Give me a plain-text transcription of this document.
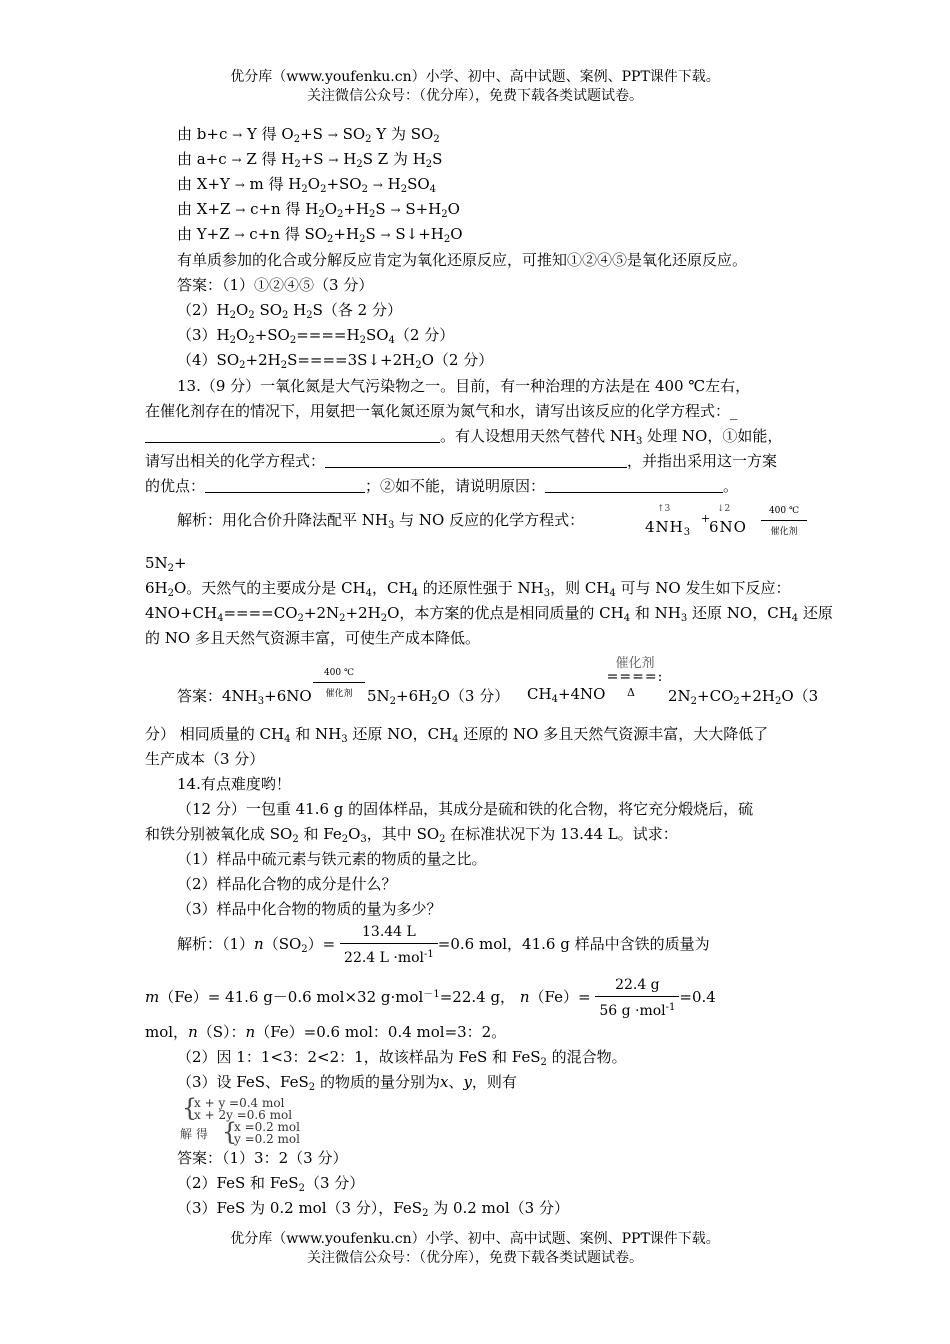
优分库（www.youfenku.cn）小学、初中、高中试题、案例、PPT课件下载。
关注微信公众号：（优分库），免费下载各类试题试卷。
由 b+c → Y 得 $O_2+S \to SO_2$ Y 为 $SO_2$
由 a+c → Z 得 $H_2+S \to H_2S$ Z 为 $H_2S$
由 X+Y → m 得 $H_2O_2+SO_2 \to H_2SO_4$
由 X+Z → c+n 得 $H_2O_2+H_2S \to S+H_2O$
由 Y+Z → c+n 得 $SO_2+H_2S$ → $S↓+H_2O$
有单质参加的化合或分解反应肯定为氧化还原反应，可推知①②④⑤是氧化还原反应。
答案：（1）①②④⑤（3 分）
$(2)H_2O_2$ $SO_2$ $H_2S$（各 2 分）
$(3)H_2O_2+SO_2====H_2SO_4(2$ 分）
$(4)SO_2+2H_2S====3S↓+2H_2O(2$ 分）
13.（9 分）一氧化氮是大气污染物之一。目前，有一种治理的方法是在 400 ℃左右，
在催化剂存在的情况下，用氨把一氧化氮还原为氮气和水，请写出该反应的化学方程式：_
。有人设想用天然气替代 $NH_3$ 处理 NO，①如能，
请写出相关的化学方程式：	，并指出采用这一方案
的优点：	；②如不能，请说明原因：	。
解析：用化合价升降法配平 $NH_3$ 与 NO 反应的化学方程式：
↑3	↓2
$4NH_3$
+
6NO
400 ℃
催化剂
$5N_2+$
$6H_2O$。天然气的主要成分是 $CH_4$，$CH_4$ 的还原性强于 $NH_3$，则 $CH_4$ 可与 NO 发生如下反应：
$4NO+CH_4====CO_2+2N_2+2H_2O$，本方案的优点是相同质量的 $CH_4$ 和 $NH_3$ 还原 NO，$CH_4$ 还原
的 NO 多且天然气资源丰富，可使生产成本降低。
答案：$4NH_3+6NO$
400 ℃
催化剂 $5N_2+6H_2O(3$ 分） $CH_4+4NO$
催化剂
====:
Δ	$2N_2+CO_2+2H_2O(3$
分） 相同质量的 $CH_4$ 和 $NH_3$ 还原 NO，$CH_4$ 还原的 NO 多且天然气资源丰富，大大降低了
生产成本（3 分）
14.有点难度哟！
（12 分）一包重 41.6 g 的固体样品，其成分是硫和铁的化合物，将它充分煅烧后，硫
和铁分别被氧化成 $SO_2$ 和 $Fe_2O_3$，其中 $SO_2$ 在标准状况下为 13.44 L。试求：
（1）样品中硫元素与铁元素的物质的量之比。
（2）样品化合物的成分是什么？
（3）样品中化合物的物质的量为多少？
解析：$(1)n(SO_2)= \frac{13.44 L}{22.4 L \cdot mol^{-1}} =0.6$ mol，41.6 g 样品中含铁的质量为
m（Fe）= 41.6 g－0.6 mol×32 g·mol$^{-1}$=22.4 g， $n(Fe)= \frac{22.4 g}{56 g \cdot mol^{-1}} =0.4$
mol，n（S）：n（Fe）=0.6 mol：0.4 mol=3：2。
（2）因 1：1<3：2<2：1，故该样品为 FeS 和 FeS$_2$ 的混合物。
（3）设 FeS、FeS$_2$ 的物质的量分别为x、y，则有
{
x + y =0.4 mol
x + 2y =0.6 mol
解 得 {
x =0.2 mol
y =0.2 mol
答案：（1）3：2（3 分）
（2）FeS 和 FeS$_2$（3 分）
（3）FeS 为 0.2 mol（3 分），FeS$_2$ 为 0.2 mol（3 分）
优分库（www.youfenku.cn）小学、初中、高中试题、案例、PPT课件下载。
关注微信公众号：（优分库），免费下载各类试题试卷。
